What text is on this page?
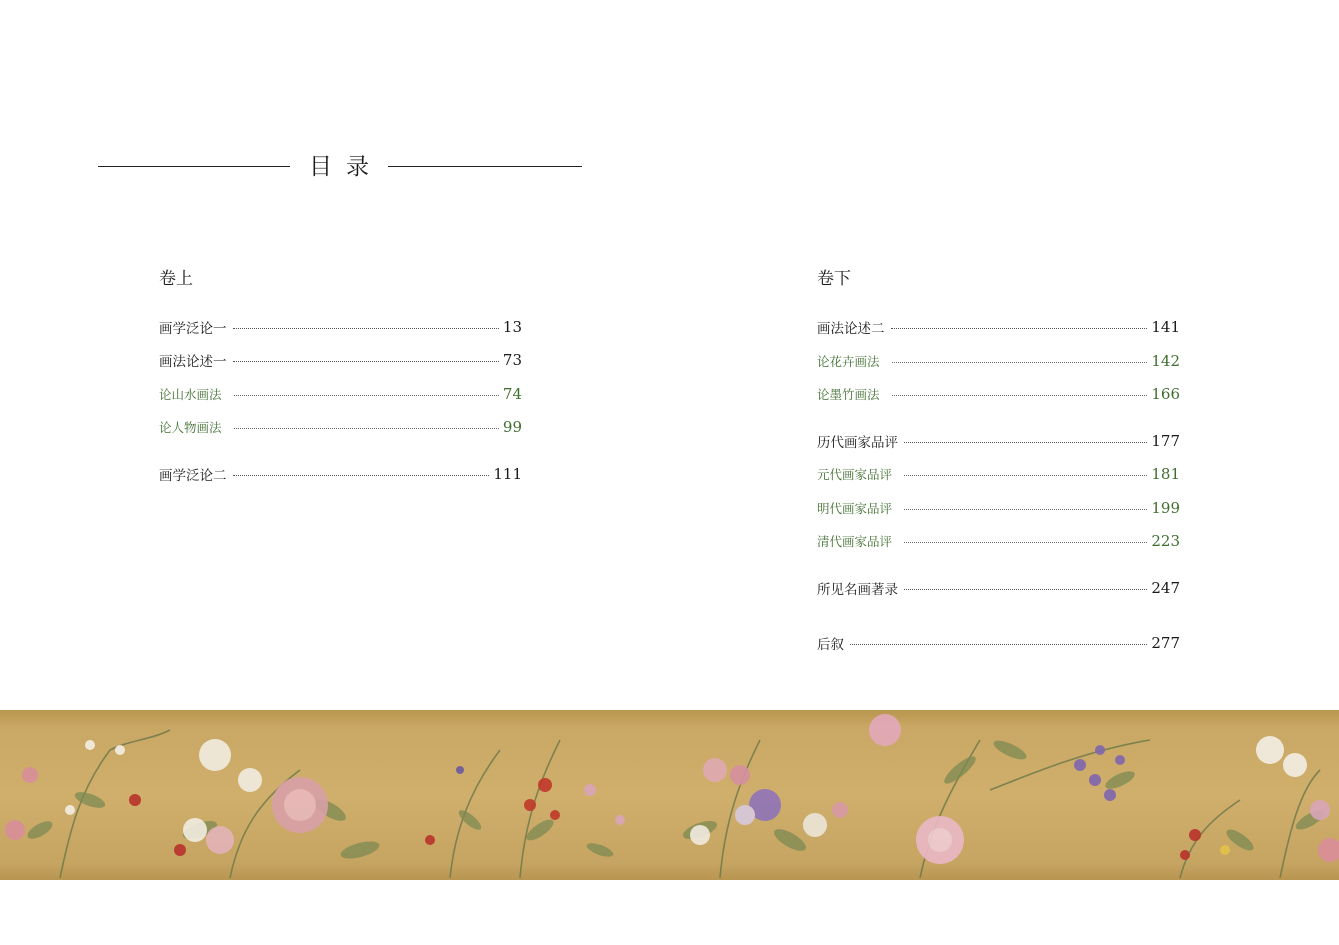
目录
卷上	卷下
画学泛论一	13
画法论述一	73
论山水画法	74
论人物画法	99
画学泛论二	111
画法论述二	141
论花卉画法	142
论墨竹画法	166
历代画家品评	177
元代画家品评	181
明代画家品评	199
清代画家品评	223
所见名画著录	247
后叙	277
